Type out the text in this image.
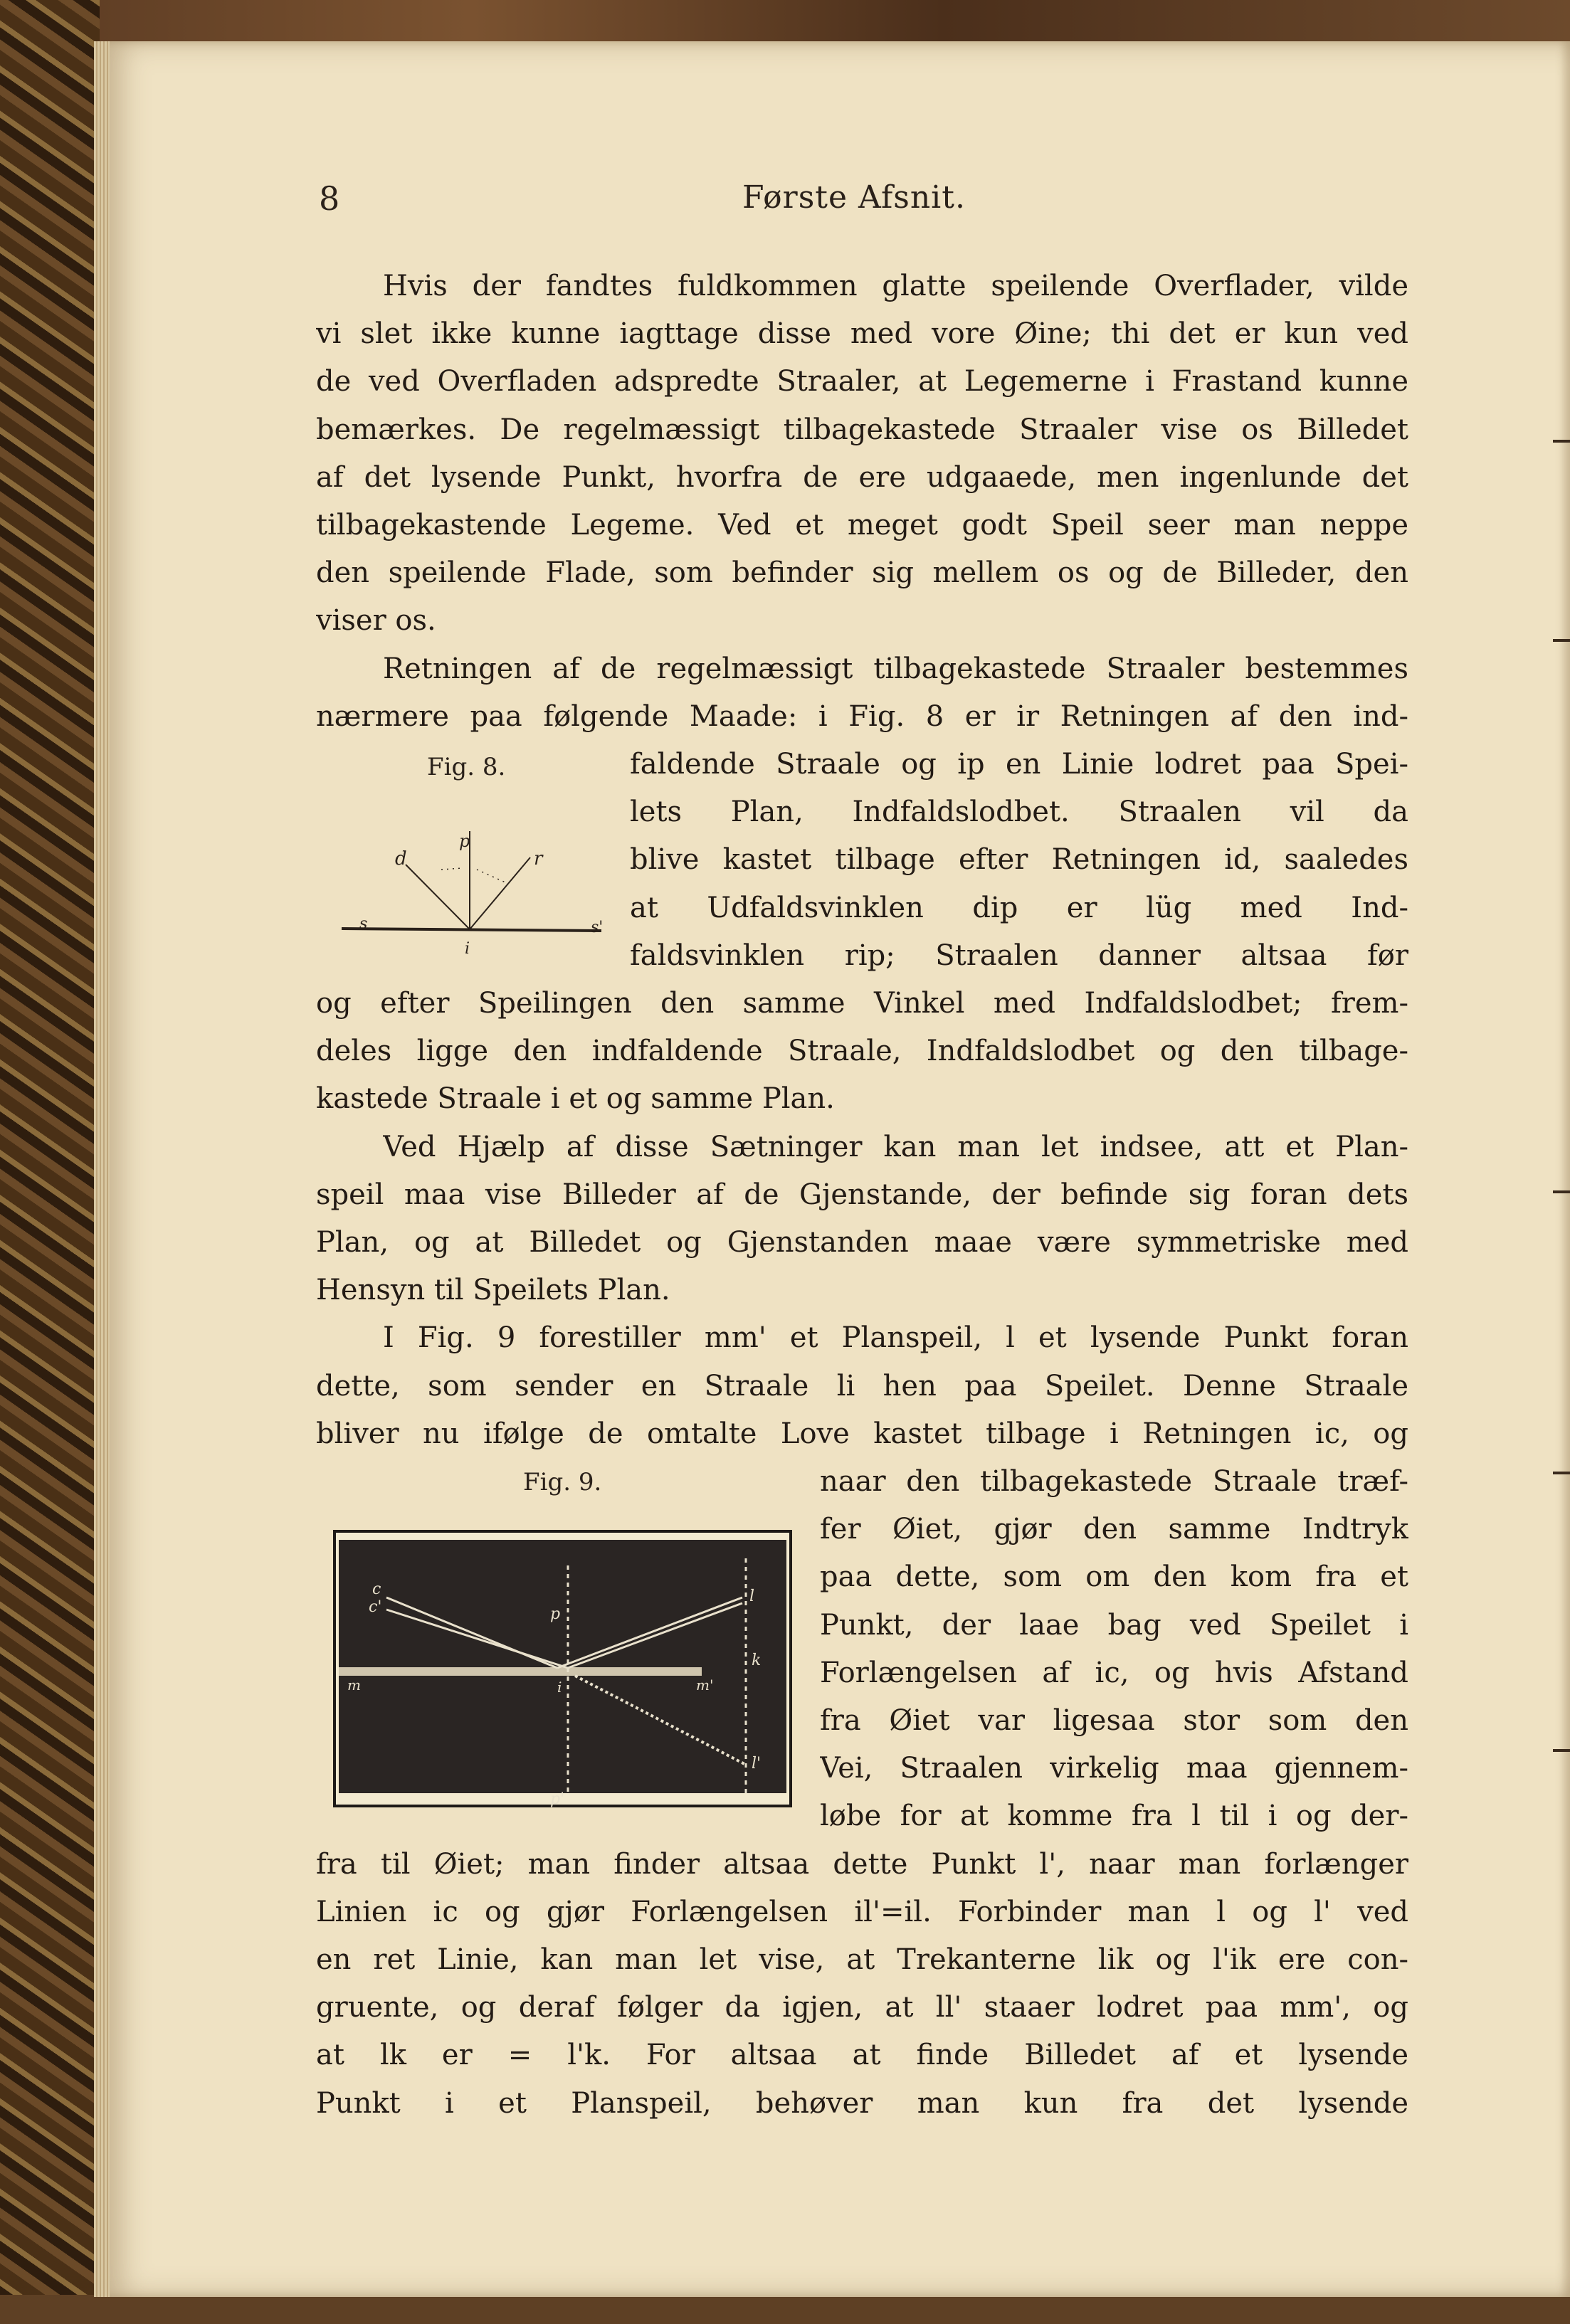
8	Første Afsnit.
Hvis der fandtes fuldkommen glatte speilende Overflader, vilde
vi slet ikke kunne iagttage disse med vore Øine; thi det er kun ved
de ved Overfladen adspredte Straaler, at Legemerne i Frastand kunne
bemærkes. De regelmæssigt tilbagekastede Straaler vise os Billedet
af det lysende Punkt, hvorfra de ere udgaaede, men ingenlunde det
tilbagekastende Legeme. Ved et meget godt Speil seer man neppe
den speilende Flade, som befinder sig mellem os og de Billeder, den
viser os.
Retningen af de regelmæssigt tilbagekastede Straaler bestemmes
nærmere paa følgende Maade: i Fig. 8 er ir Retningen af den ind-
faldende Straale og ip en Linie lodret paa Spei-
lets Plan, Indfaldslodbet. Straalen vil da
blive kastet tilbage efter Retningen id, saaledes
at Udfaldsvinklen dip er lüg med Ind-
faldsvinklen rip; Straalen danner altsaa før
og efter Speilingen den samme Vinkel med Indfaldslodbet; frem-
deles ligge den indfaldende Straale, Indfaldslodbet og den tilbage-
kastede Straale i et og samme Plan.
Ved Hjælp af disse Sætninger kan man let indsee, att et Plan-
speil maa vise Billeder af de Gjenstande, der befinde sig foran dets
Plan, og at Billedet og Gjenstanden maae være symmetriske med
Hensyn til Speilets Plan.
I Fig. 9 forestiller mm' et Planspeil, l et lysende Punkt foran
dette, som sender en Straale li hen paa Speilet. Denne Straale
bliver nu ifølge de omtalte Love kastet tilbage i Retningen ic, og
naar den tilbagekastede Straale træf-
fer Øiet, gjør den samme Indtryk
paa dette, som om den kom fra et
Punkt, der laae bag ved Speilet i
Forlængelsen af ic, og hvis Afstand
fra Øiet var ligesaa stor som den
Vei, Straalen virkelig maa gjennem-
løbe for at komme fra l til i og der-
fra til Øiet; man finder altsaa dette Punkt l', naar man forlænger
Linien ic og gjør Forlængelsen il'=il. Forbinder man l og l' ved
en ret Linie, kan man let vise, at Trekanterne lik og l'ik ere con-
gruente, og deraf følger da igjen, at ll' staaer lodret paa mm', og
at lk er = l'k. For altsaa at finde Billedet af et lysende
Punkt i et Planspeil, behøver man kun fra det lysende
Fig. 8.
d
p
r
s	s'
i
Fig. 9.
c
c'	p
l
k
m	i	m'
l'
p'
